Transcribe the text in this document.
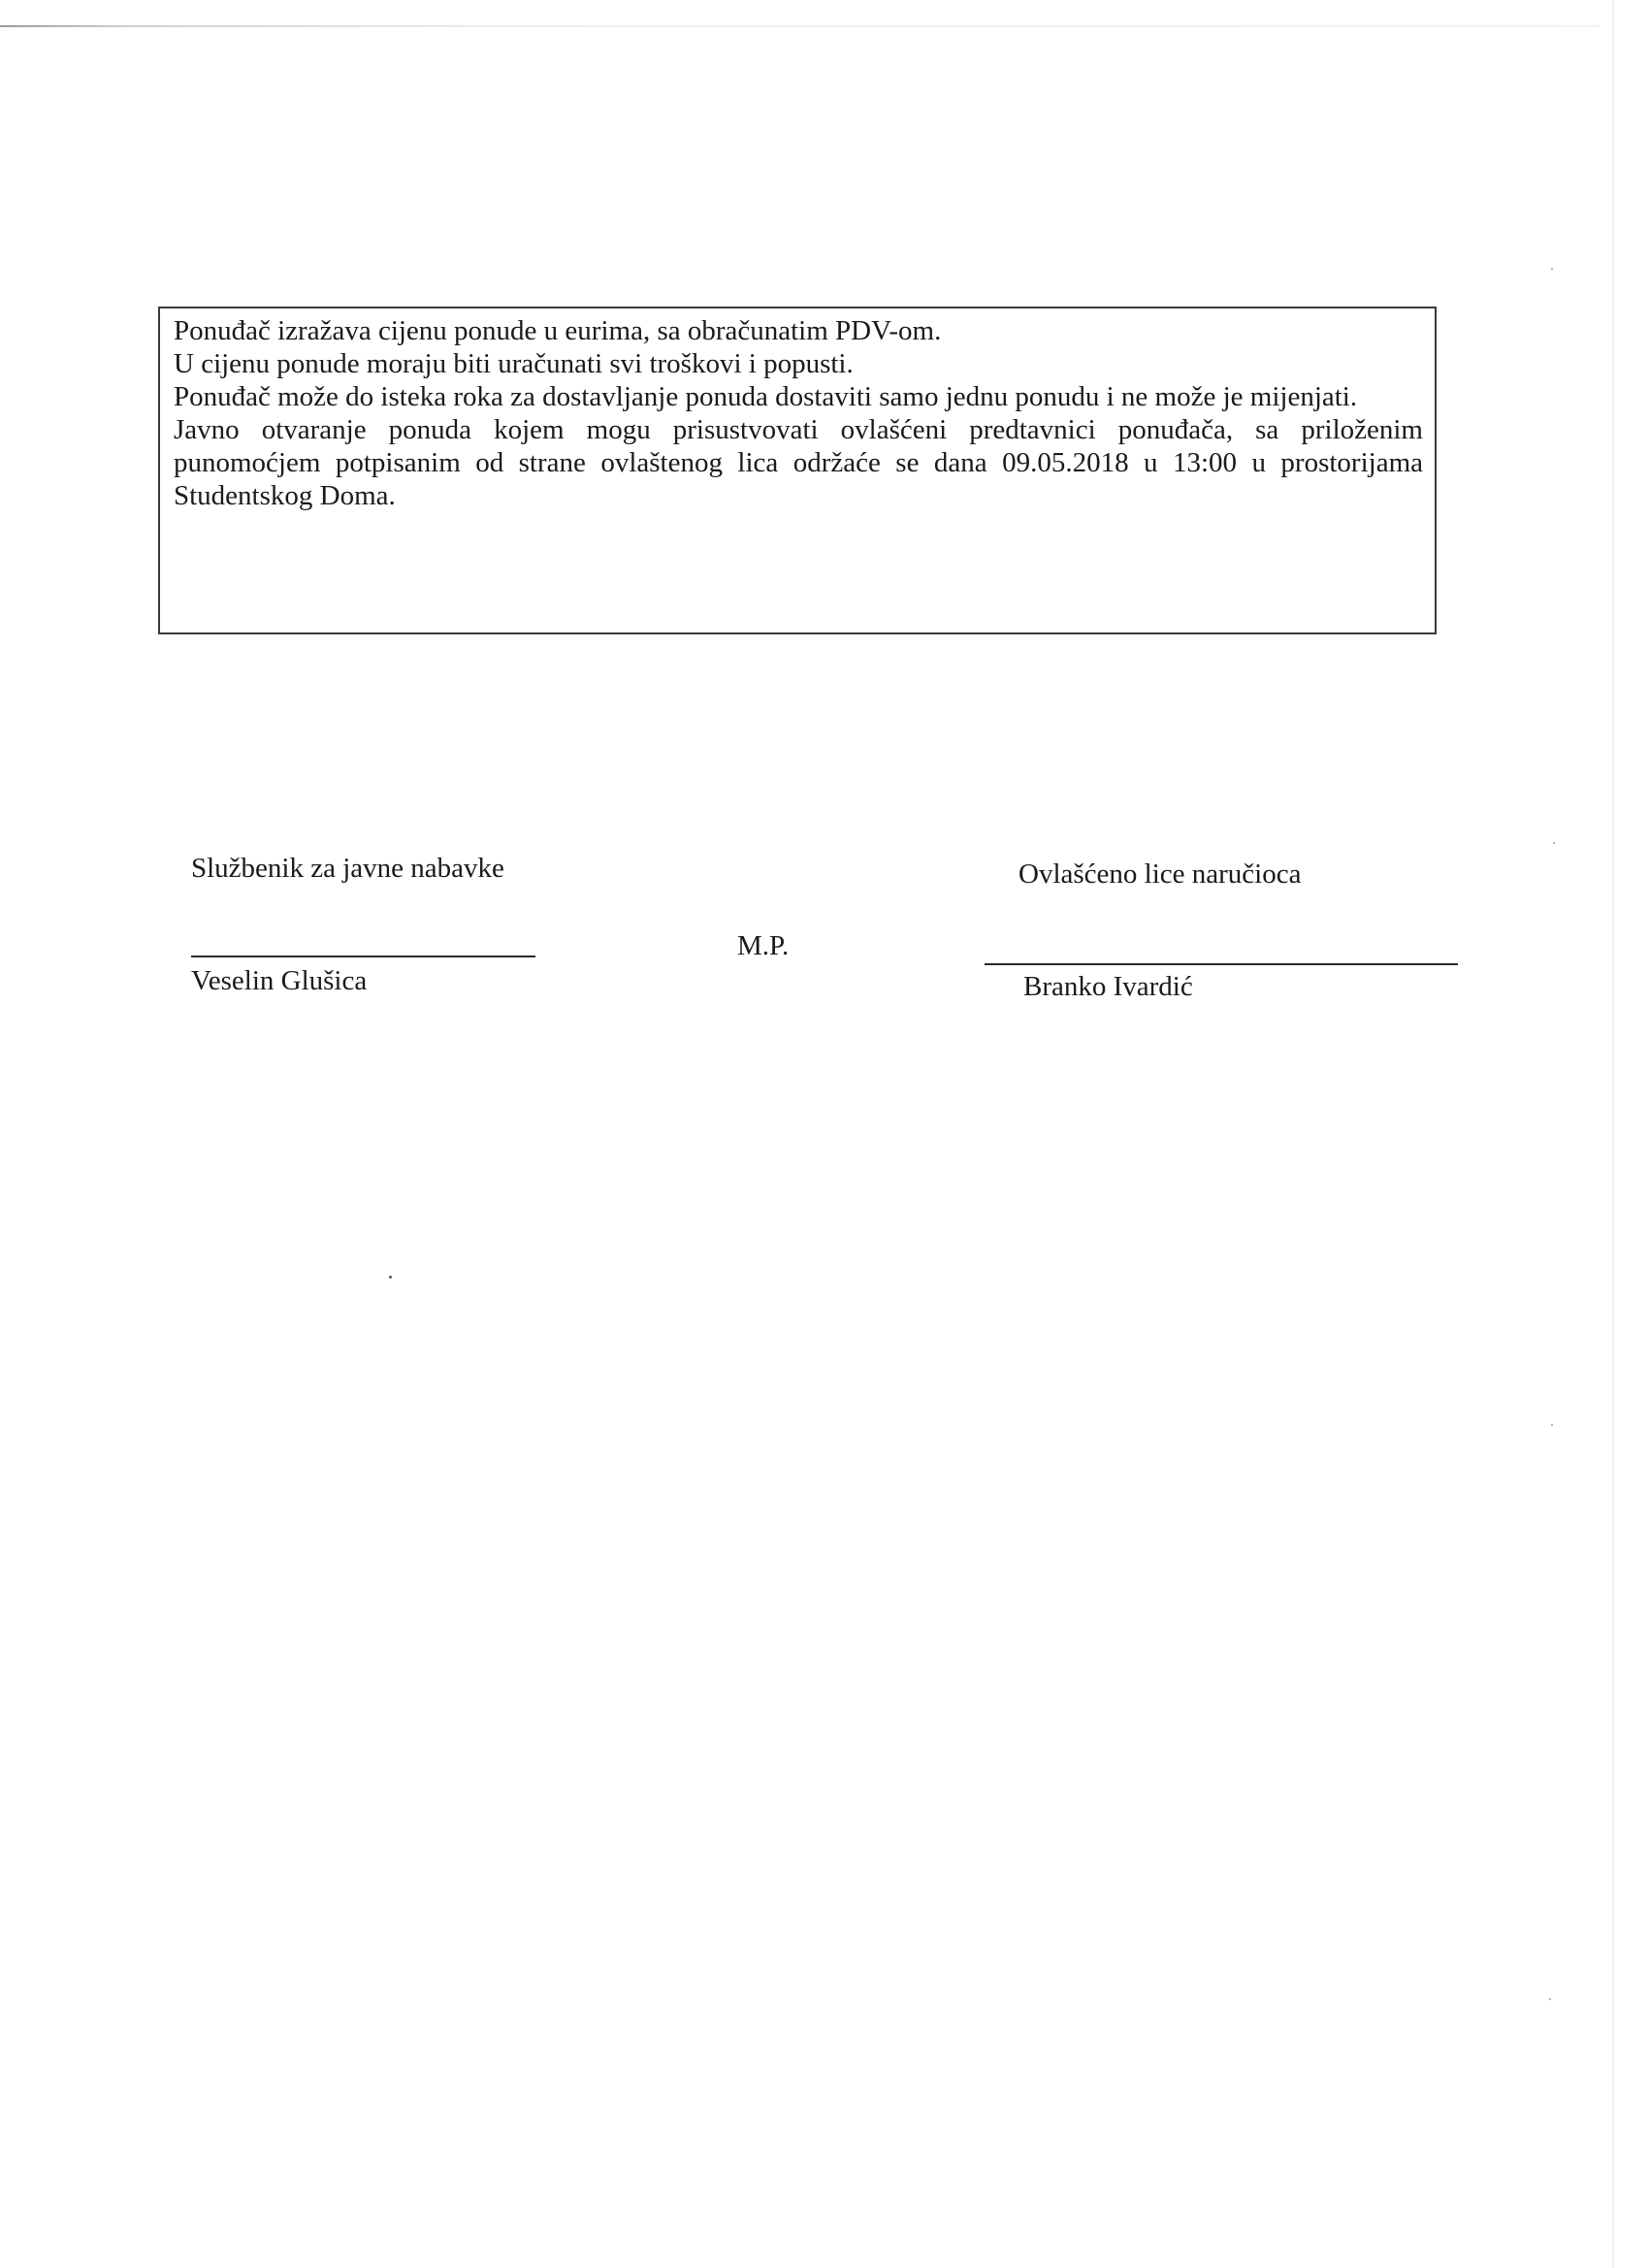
Ponuđač izražava cijenu ponude u eurima, sa obračunatim PDV-om.

U cijenu ponude moraju biti uračunati svi troškovi i popusti.

Ponuđač može do isteka roka za dostavljanje ponuda dostaviti samo jednu ponudu i ne može je mijenjati.

Javno otvaranje ponuda kojem mogu prisustvovati ovlašćeni predtavnici ponuđača, sa priloženim punomoćjem potpisanim od strane ovlaštenog lica održaće se dana 09.05.2018 u 13:00 u prostorijama Studentskog Doma.

Službenik za javne nabavke
Veselin Glušica
M.P.
Ovlašćeno lice naručioca
Branko Ivardić
